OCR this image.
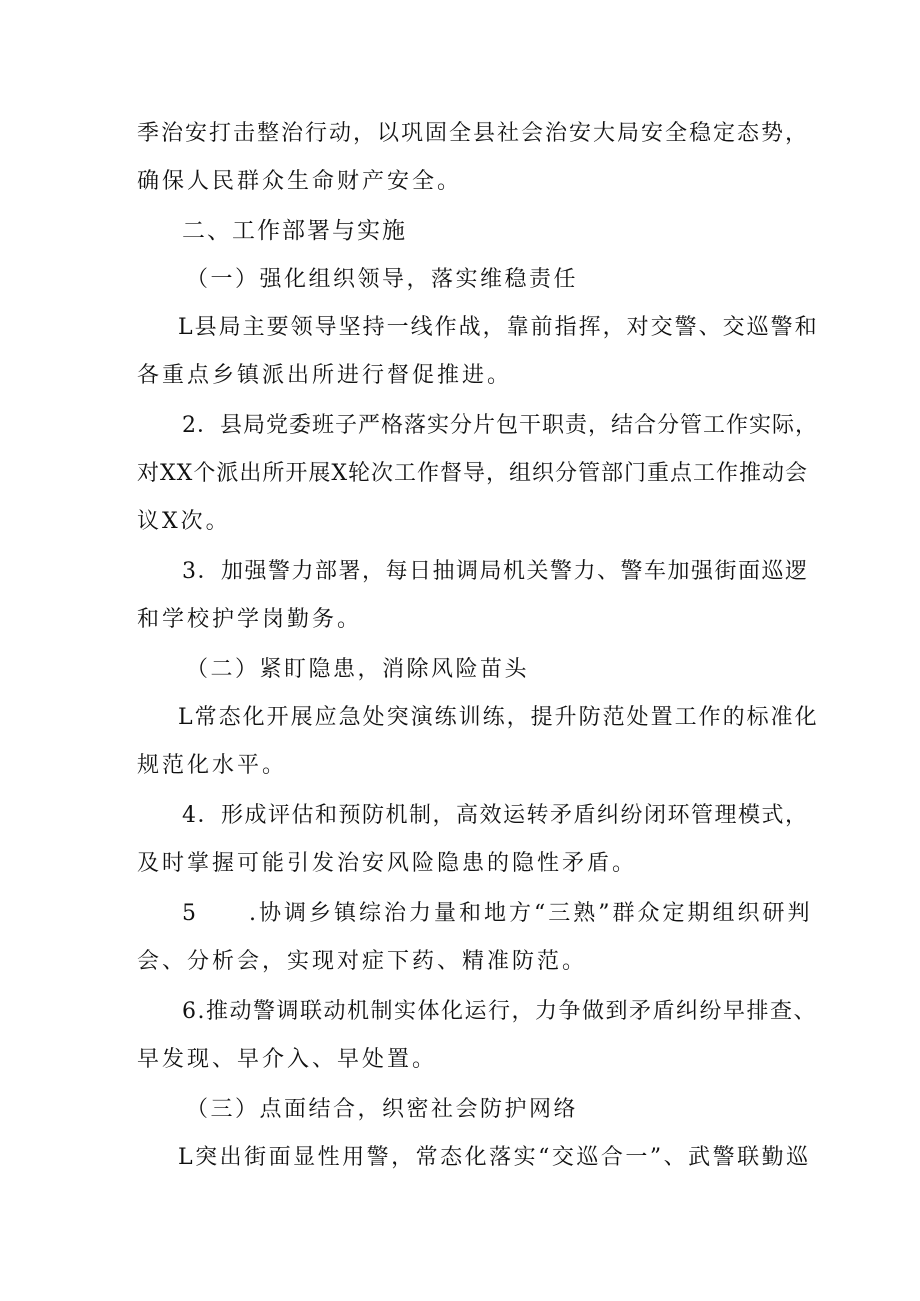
季治安打击整治行动，以巩固全县社会治安大局安全稳定态势，
确保人民群众生命财产安全。
二、工作部署与实施
（一）强化组织领导，落实维稳责任
L县局主要领导坚持一线作战，靠前指挥，对交警、交巡警和
各重点乡镇派出所进行督促推进。
2．县局党委班子严格落实分片包干职责，结合分管工作实际，
对XX个派出所开展X轮次工作督导，组织分管部门重点工作推动会
议X次。
3．加强警力部署，每日抽调局机关警力、警车加强街面巡逻
和学校护学岗勤务。
（二）紧盯隐患，消除风险苗头
L常态化开展应急处突演练训练，提升防范处置工作的标准化
规范化水平。
4．形成评估和预防机制，高效运转矛盾纠纷闭环管理模式，
及时掌握可能引发治安风险隐患的隐性矛盾。
5　　.协调乡镇综治力量和地方“三熟”群众定期组织研判
会、分析会，实现对症下药、精准防范。
6.推动警调联动机制实体化运行，力争做到矛盾纠纷早排查、
早发现、早介入、早处置。
（三）点面结合，织密社会防护网络
L突出街面显性用警，常态化落实“交巡合一”、武警联勤巡
